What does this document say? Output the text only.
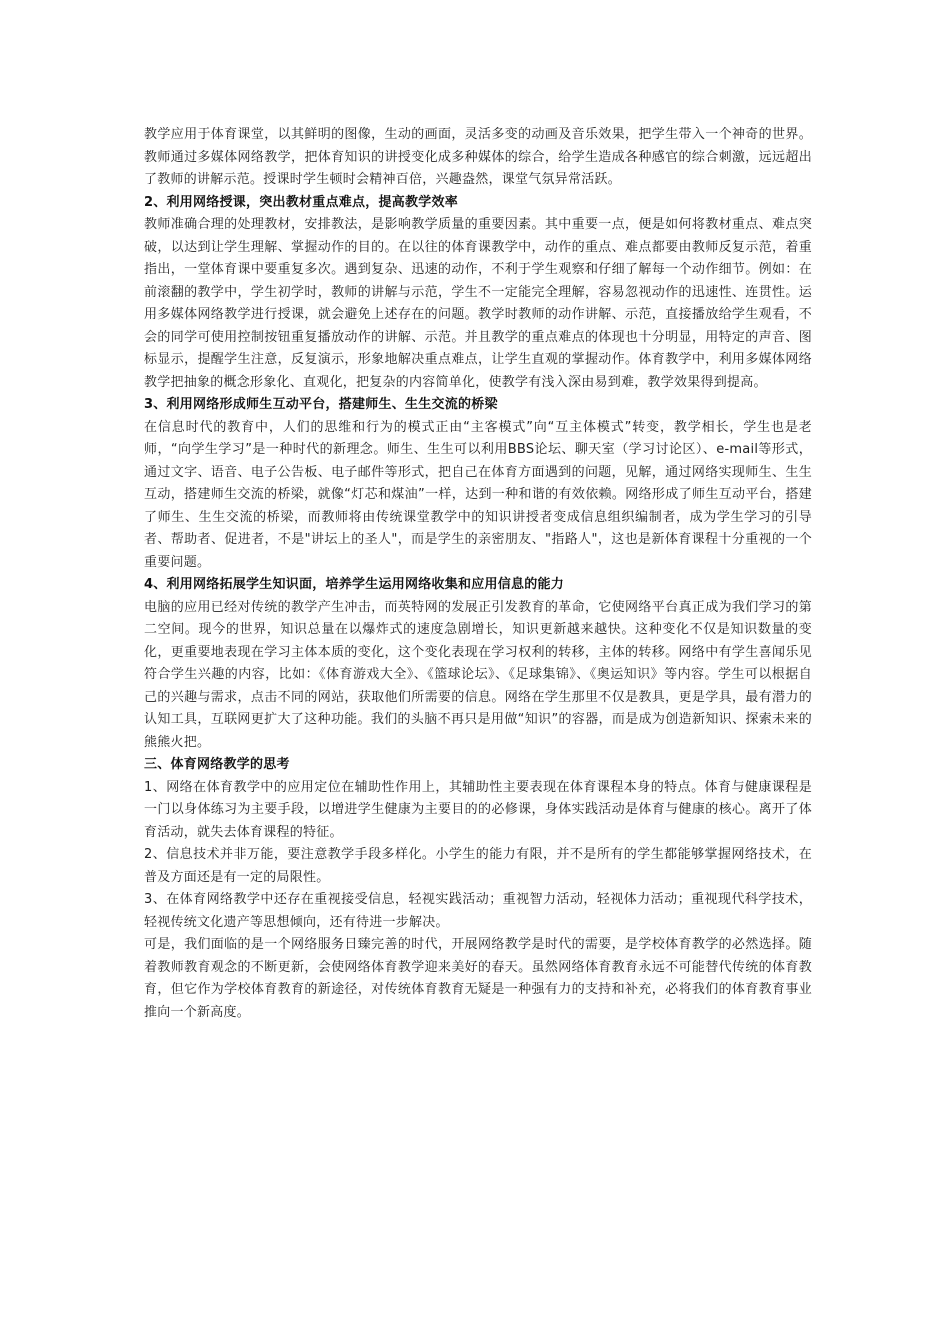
教学应用于体育课堂，以其鲜明的图像，生动的画面，灵活多变的动画及音乐效果，把学生带入一个神奇的世界。教师通过多媒体网络教学，把体育知识的讲授变化成多种媒体的综合，给学生造成各种感官的综合刺激，远远超出了教师的讲解示范。授课时学生顿时会精神百倍，兴趣盎然，课堂气氛异常活跃。

2、利用网络授课，突出教材重点难点，提高教学效率

教师准确合理的处理教材，安排教法，是影响教学质量的重要因素。其中重要一点，便是如何将教材重点、难点突破，以达到让学生理解、掌握动作的目的。在以往的体育课教学中，动作的重点、难点都要由教师反复示范，着重指出，一堂体育课中要重复多次。遇到复杂、迅速的动作，不利于学生观察和仔细了解每一个动作细节。例如：在前滚翻的教学中，学生初学时，教师的讲解与示范，学生不一定能完全理解，容易忽视动作的迅速性、连贯性。运用多媒体网络教学进行授课，就会避免上述存在的问题。教学时教师的动作讲解、示范，直接播放给学生观看，不会的同学可使用控制按钮重复播放动作的讲解、示范。并且教学的重点难点的体现也十分明显，用特定的声音、图标显示，提醒学生注意，反复演示，形象地解决重点难点，让学生直观的掌握动作。体育教学中，利用多媒体网络教学把抽象的概念形象化、直观化，把复杂的内容简单化，使教学有浅入深由易到难，教学效果得到提高。

3、利用网络形成师生互动平台，搭建师生、生生交流的桥梁

在信息时代的教育中，人们的思维和行为的模式正由“主客模式”向“互主体模式”转变，教学相长，学生也是老师，“向学生学习”是一种时代的新理念。师生、生生可以利用BBS论坛、聊天室（学习讨论区）、e-mail等形式，通过文字、语音、电子公告板、电子邮件等形式，把自己在体育方面遇到的问题，见解，通过网络实现师生、生生互动，搭建师生交流的桥梁，就像“灯芯和煤油”一样，达到一种和谐的有效依赖。网络形成了师生互动平台，搭建了师生、生生交流的桥梁，而教师将由传统课堂教学中的知识讲授者变成信息组织编制者，成为学生学习的引导者、帮助者、促进者，不是"讲坛上的圣人"，而是学生的亲密朋友、"指路人"，这也是新体育课程十分重视的一个重要问题。

4、利用网络拓展学生知识面，培养学生运用网络收集和应用信息的能力

电脑的应用已经对传统的教学产生冲击，而英特网的发展正引发教育的革命，它使网络平台真正成为我们学习的第二空间。现今的世界，知识总量在以爆炸式的速度急剧增长，知识更新越来越快。这种变化不仅是知识数量的变化，更重要地表现在学习主体本质的变化，这个变化表现在学习权利的转移，主体的转移。网络中有学生喜闻乐见符合学生兴趣的内容，比如：《体育游戏大全》、《篮球论坛》、《足球集锦》、《奥运知识》等内容。学生可以根据自己的兴趣与需求，点击不同的网站，获取他们所需要的信息。网络在学生那里不仅是教具，更是学具，最有潜力的认知工具，互联网更扩大了这种功能。我们的头脑不再只是用做“知识”的容器，而是成为创造新知识、探索未来的熊熊火把。

三、体育网络教学的思考

1、网络在体育教学中的应用定位在辅助性作用上，其辅助性主要表现在体育课程本身的特点。体育与健康课程是一门以身体练习为主要手段，以增进学生健康为主要目的的必修课，身体实践活动是体育与健康的核心。离开了体育活动，就失去体育课程的特征。

2、信息技术并非万能，要注意教学手段多样化。小学生的能力有限，并不是所有的学生都能够掌握网络技术，在普及方面还是有一定的局限性。

3、在体育网络教学中还存在重视接受信息，轻视实践活动；重视智力活动，轻视体力活动；重视现代科学技术，轻视传统文化遗产等思想倾向，还有待进一步解决。

可是，我们面临的是一个网络服务日臻完善的时代，开展网络教学是时代的需要，是学校体育教学的必然选择。随着教师教育观念的不断更新，会使网络体育教学迎来美好的春天。虽然网络体育教育永远不可能替代传统的体育教育，但它作为学校体育教育的新途径，对传统体育教育无疑是一种强有力的支持和补充，必将我们的体育教育事业推向一个新高度。
